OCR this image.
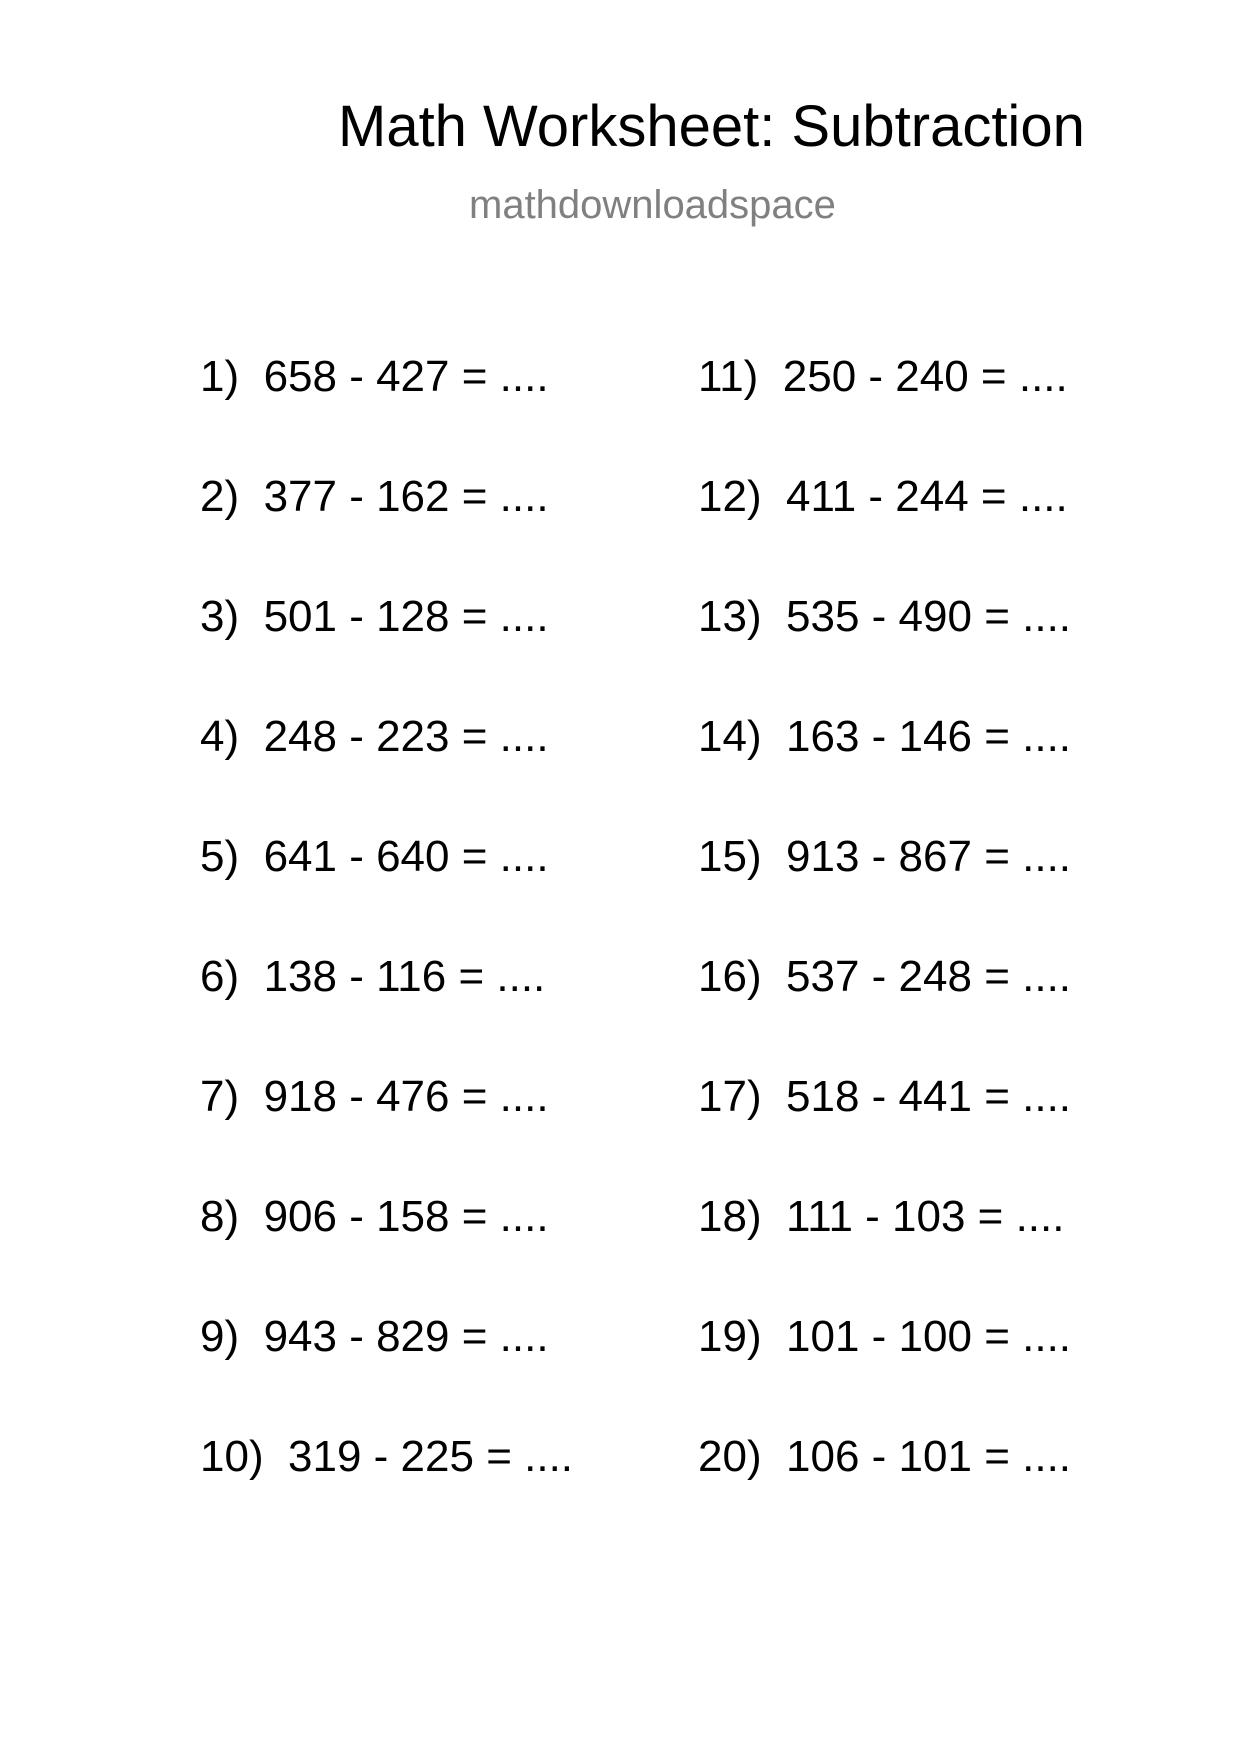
Math Worksheet: Subtraction
mathdownloadspace
1)  658 - 427 = ....
2)  377 - 162 = ....
3)  501 - 128 = ....
4)  248 - 223 = ....
5)  641 - 640 = ....
6)  138 - 116 = ....
7)  918 - 476 = ....
8)  906 - 158 = ....
9)  943 - 829 = ....
10)  319 - 225 = ....
11)  250 - 240 = ....
12)  411 - 244 = ....
13)  535 - 490 = ....
14)  163 - 146 = ....
15)  913 - 867 = ....
16)  537 - 248 = ....
17)  518 - 441 = ....
18)  111 - 103 = ....
19)  101 - 100 = ....
20)  106 - 101 = ....
